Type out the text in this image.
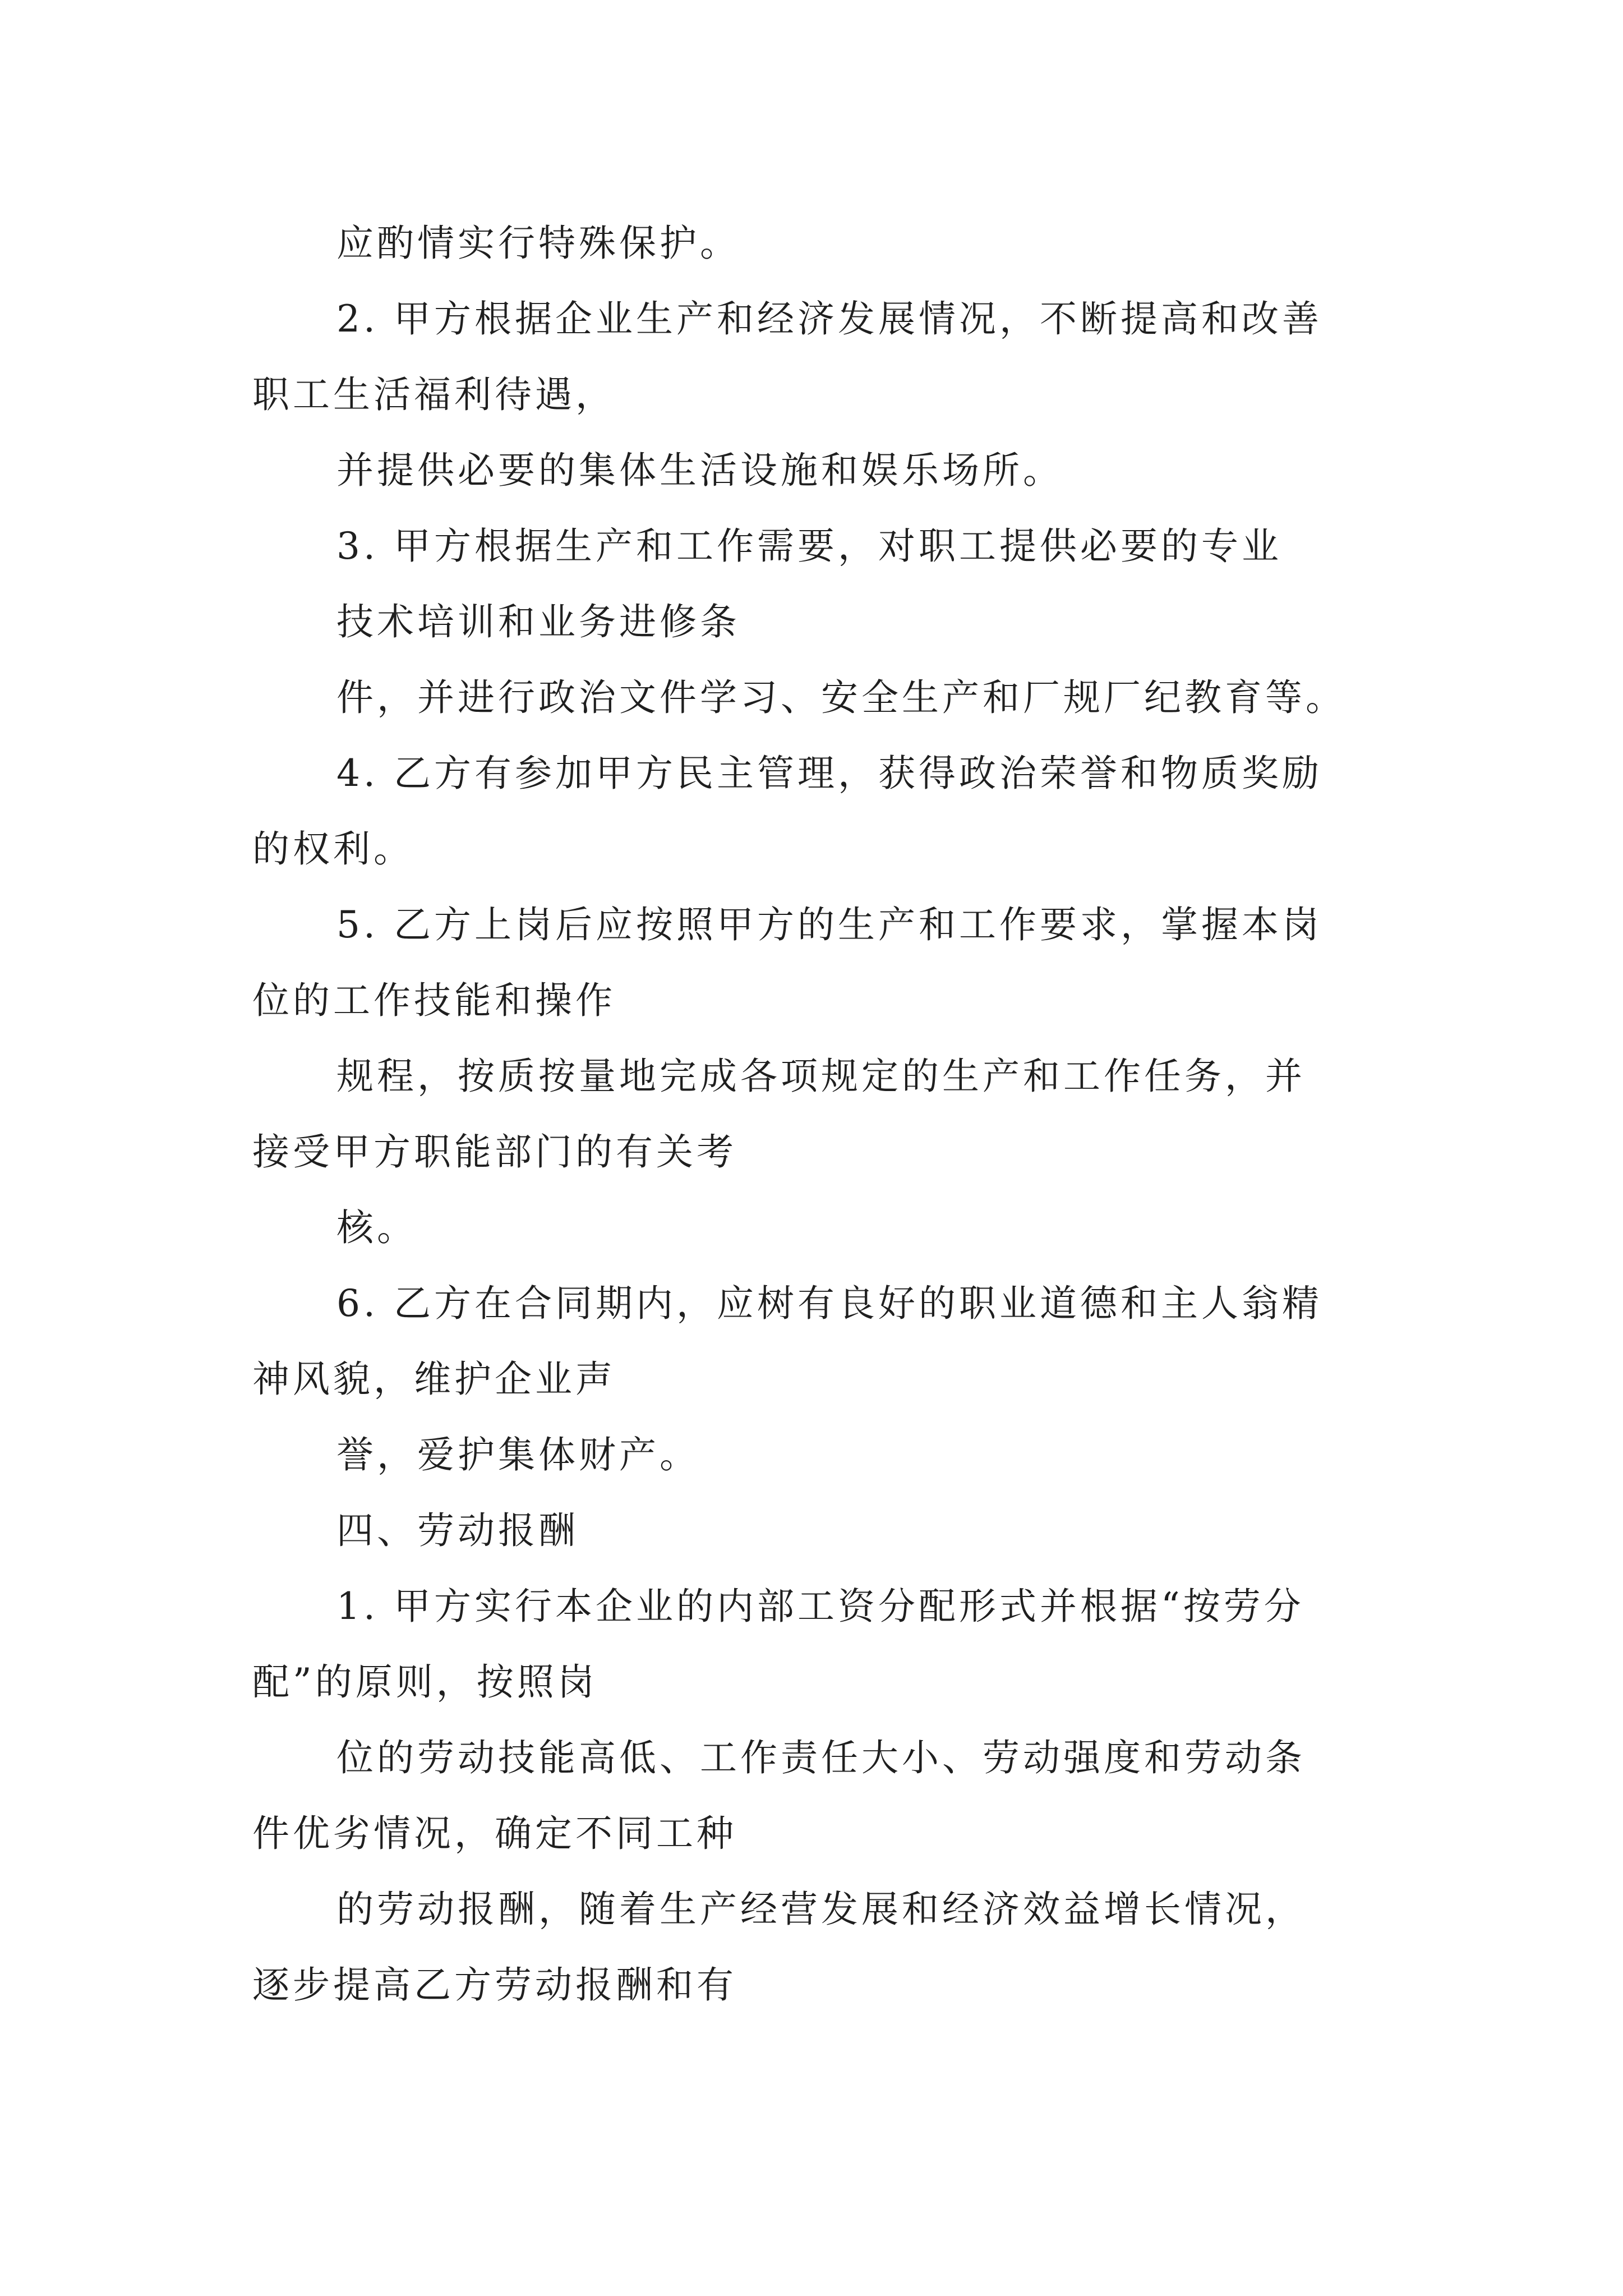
应酌情实行特殊保护。

2. 甲方根据企业生产和经济发展情况，不断提高和改善

职工生活福利待遇，

并提供必要的集体生活设施和娱乐场所。

3. 甲方根据生产和工作需要，对职工提供必要的专业

技术培训和业务进修条

件，并进行政治文件学习、安全生产和厂规厂纪教育等。

4. 乙方有参加甲方民主管理，获得政治荣誉和物质奖励

的权利。

5. 乙方上岗后应按照甲方的生产和工作要求，掌握本岗

位的工作技能和操作

规程，按质按量地完成各项规定的生产和工作任务，并

接受甲方职能部门的有关考

核。

6. 乙方在合同期内，应树有良好的职业道德和主人翁精

神风貌，维护企业声

誉，爱护集体财产。

四、劳动报酬

1. 甲方实行本企业的内部工资分配形式并根据“按劳分

配”的原则，按照岗

位的劳动技能高低、工作责任大小、劳动强度和劳动条

件优劣情况，确定不同工种

的劳动报酬，随着生产经营发展和经济效益增长情况，

逐步提高乙方劳动报酬和有
